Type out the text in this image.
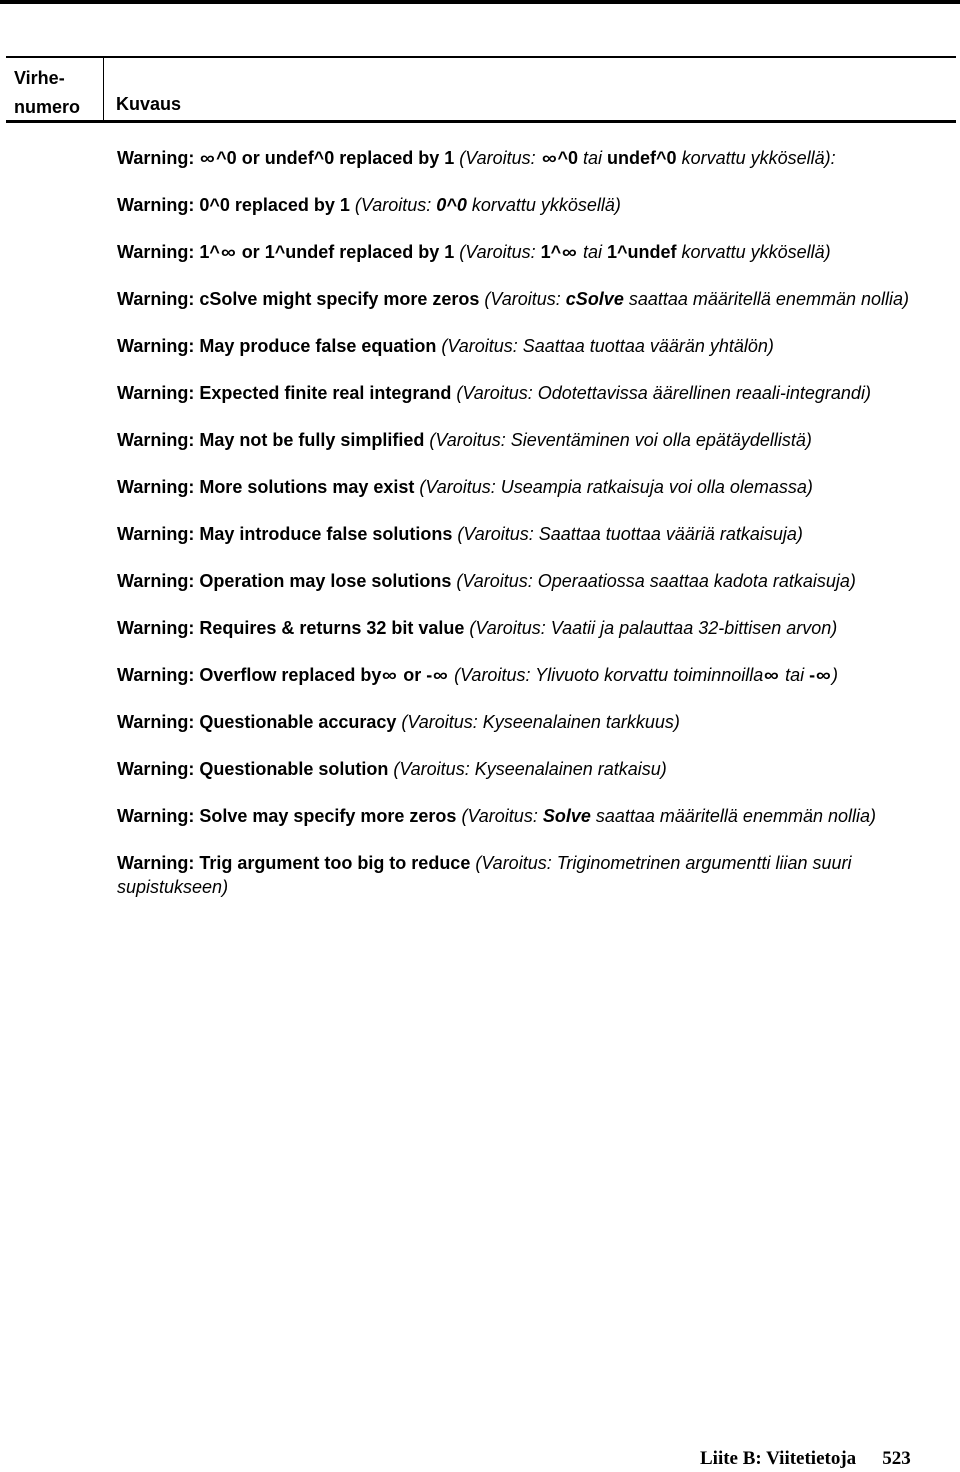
Virhe-
numero Kuvaus
Warning: ∞^0 or undef^0 replaced by 1 (Varoitus: ∞^0 tai undef^0 korvattu ykkösellä):
Warning: 0^0 replaced by 1 (Varoitus: 0^0 korvattu ykkösellä)
Warning: 1^∞ or 1^undef replaced by 1 (Varoitus: 1^∞ tai 1^undef korvattu ykkösellä)
Warning: cSolve might specify more zeros (Varoitus: cSolve saattaa määritellä enemmän nollia)
Warning: May produce false equation (Varoitus: Saattaa tuottaa väärän yhtälön)
Warning: Expected finite real integrand (Varoitus: Odotettavissa äärellinen reaali-integrandi)
Warning: May not be fully simplified (Varoitus: Sieventäminen voi olla epätäydellistä)
Warning: More solutions may exist (Varoitus: Useampia ratkaisuja voi olla olemassa)
Warning: May introduce false solutions (Varoitus: Saattaa tuottaa vääriä ratkaisuja)
Warning: Operation may lose solutions (Varoitus: Operaatiossa saattaa kadota ratkaisuja)
Warning: Requires & returns 32 bit value (Varoitus: Vaatii ja palauttaa 32-bittisen arvon)
Warning: Overflow replaced by∞ or -∞ (Varoitus: Ylivuoto korvattu toiminnoilla∞ tai -∞)
Warning: Questionable accuracy (Varoitus: Kyseenalainen tarkkuus)
Warning: Questionable solution (Varoitus: Kyseenalainen ratkaisu)
Warning: Solve may specify more zeros (Varoitus: Solve saattaa määritellä enemmän nollia)
Warning: Trig argument too big to reduce (Varoitus: Triginometrinen argumentti liian suuri supistukseen)
Liite B: Viitetietoja 523
